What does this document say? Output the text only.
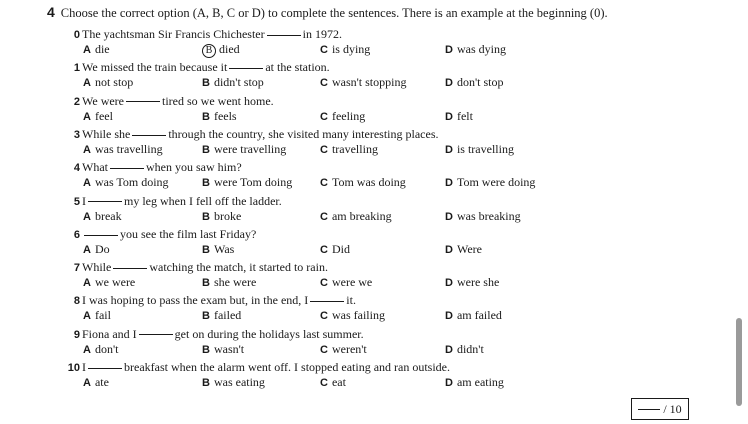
4 Choose the correct option (A, B, C or D) to complete the sentences. There is an example at the beginning (0).
0 The yachtsman Sir Francis Chichester	in 1972.
A die	B died	C is dying	D was dying
1 We missed the train because it	at the station.
A not stop	B didn't stop	C wasn't stopping	D don't stop
2 We were	tired so we went home.
A feel	B feels	C feeling	D felt
3 While she	through the country, she visited many interesting places.
A was travelling	B were travelling	C travelling	D is travelling
4 What	when you saw him?
A was Tom doing	B were Tom doing	C Tom was doing	D Tom were doing
5 I	my leg when I fell off the ladder.
A break	B broke	C am breaking	D was breaking
6	you see the film last Friday?
A Do	B Was	C Did	D Were
7 While	watching the match, it started to rain.
A we were	B she were	C were we	D were she
8 I was hoping to pass the exam but, in the end, I	it.
A fail	B failed	C was failing	D am failed
9 Fiona and I	get on during the holidays last summer.
A don't	B wasn't	C weren't	D didn't
10 I	breakfast when the alarm went off. I stopped eating and ran outside.
A ate	B was eating	C eat	D am eating
/ 10
